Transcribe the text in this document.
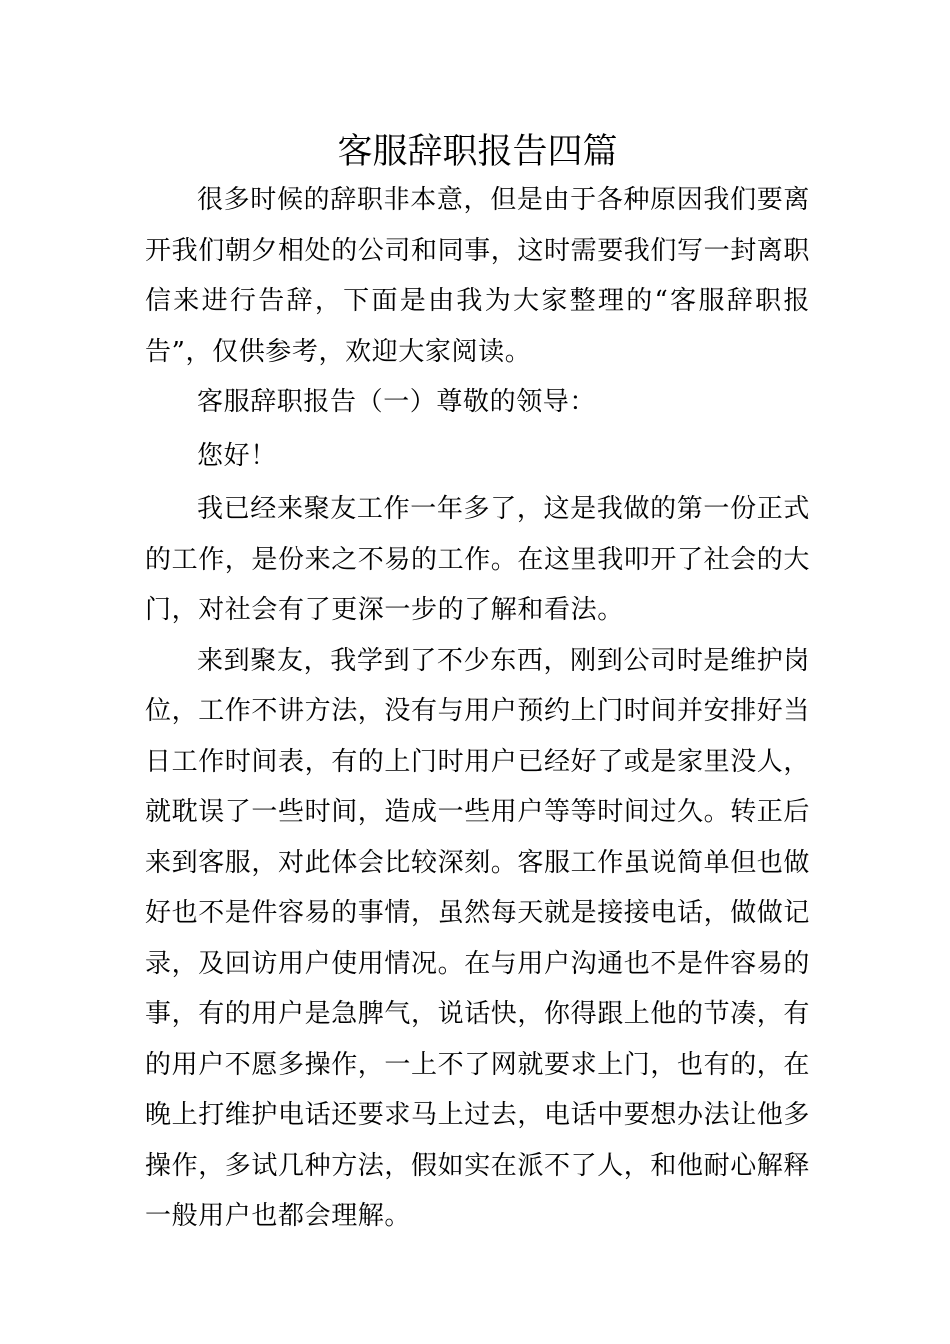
客服辞职报告四篇

很多时候的辞职非本意，但是由于各种原因我们要离开我们朝夕相处的公司和同事，这时需要我们写一封离职信来进行告辞，下面是由我为大家整理的“客服辞职报告”，仅供参考，欢迎大家阅读。

客服辞职报告（一）尊敬的领导：

您好！

我已经来聚友工作一年多了，这是我做的第一份正式的工作，是份来之不易的工作。在这里我叩开了社会的大门，对社会有了更深一步的了解和看法。

来到聚友，我学到了不少东西，刚到公司时是维护岗位，工作不讲方法，没有与用户预约上门时间并安排好当日工作时间表，有的上门时用户已经好了或是家里没人，就耽误了一些时间，造成一些用户等等时间过久。转正后来到客服，对此体会比较深刻。客服工作虽说简单但也做好也不是件容易的事情，虽然每天就是接接电话，做做记录，及回访用户使用情况。在与用户沟通也不是件容易的事，有的用户是急脾气，说话快，你得跟上他的节凑，有的用户不愿多操作，一上不了网就要求上门，也有的，在晚上打维护电话还要求马上过去，电话中要想办法让他多操作，多试几种方法，假如实在派不了人，和他耐心解释一般用户也都会理解。
